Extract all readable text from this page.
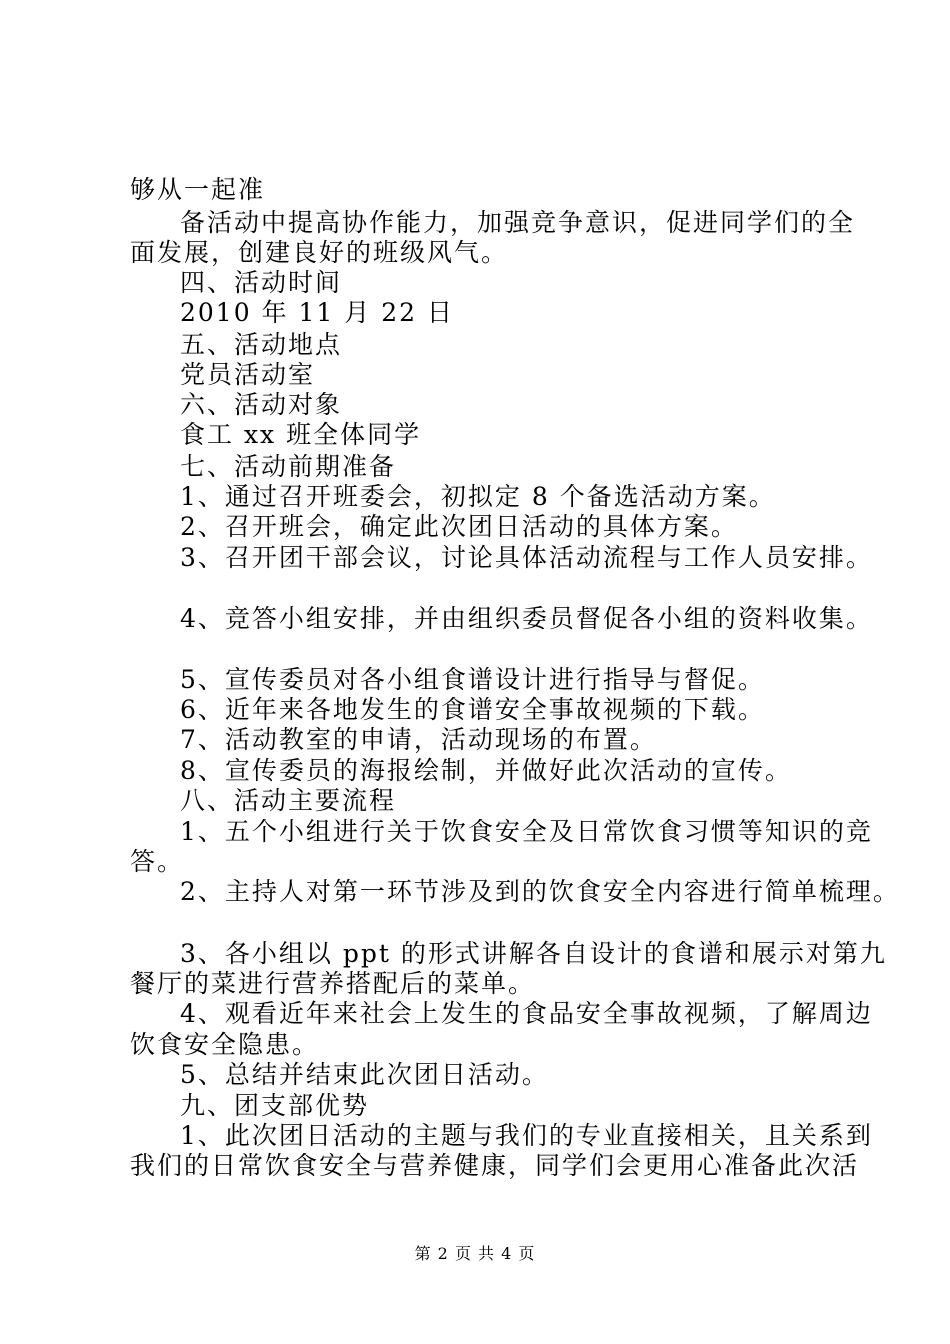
够从一起准
备活动中提高协作能力，加强竞争意识，促进同学们的全
面发展，创建良好的班级风气。
四、活动时间
2010 年 11 月 22 日
五、活动地点
党员活动室
六、活动对象
食工 xx 班全体同学
七、活动前期准备
1、通过召开班委会，初拟定 8 个备选活动方案。
2、召开班会，确定此次团日活动的具体方案。
3、召开团干部会议，讨论具体活动流程与工作人员安排。
4、竞答小组安排，并由组织委员督促各小组的资料收集。
5、宣传委员对各小组食谱设计进行指导与督促。
6、近年来各地发生的食谱安全事故视频的下载。
7、活动教室的申请，活动现场的布置。
8、宣传委员的海报绘制，并做好此次活动的宣传。
八、活动主要流程
1、五个小组进行关于饮食安全及日常饮食习惯等知识的竞
答。
2、主持人对第一环节涉及到的饮食安全内容进行简单梳理。
3、各小组以 ppt 的形式讲解各自设计的食谱和展示对第九
餐厅的菜进行营养搭配后的菜单。
4、观看近年来社会上发生的食品安全事故视频，了解周边
饮食安全隐患。
5、总结并结束此次团日活动。
九、团支部优势
1、此次团日活动的主题与我们的专业直接相关，且关系到
我们的日常饮食安全与营养健康，同学们会更用心准备此次活
第 2 页 共 4 页
